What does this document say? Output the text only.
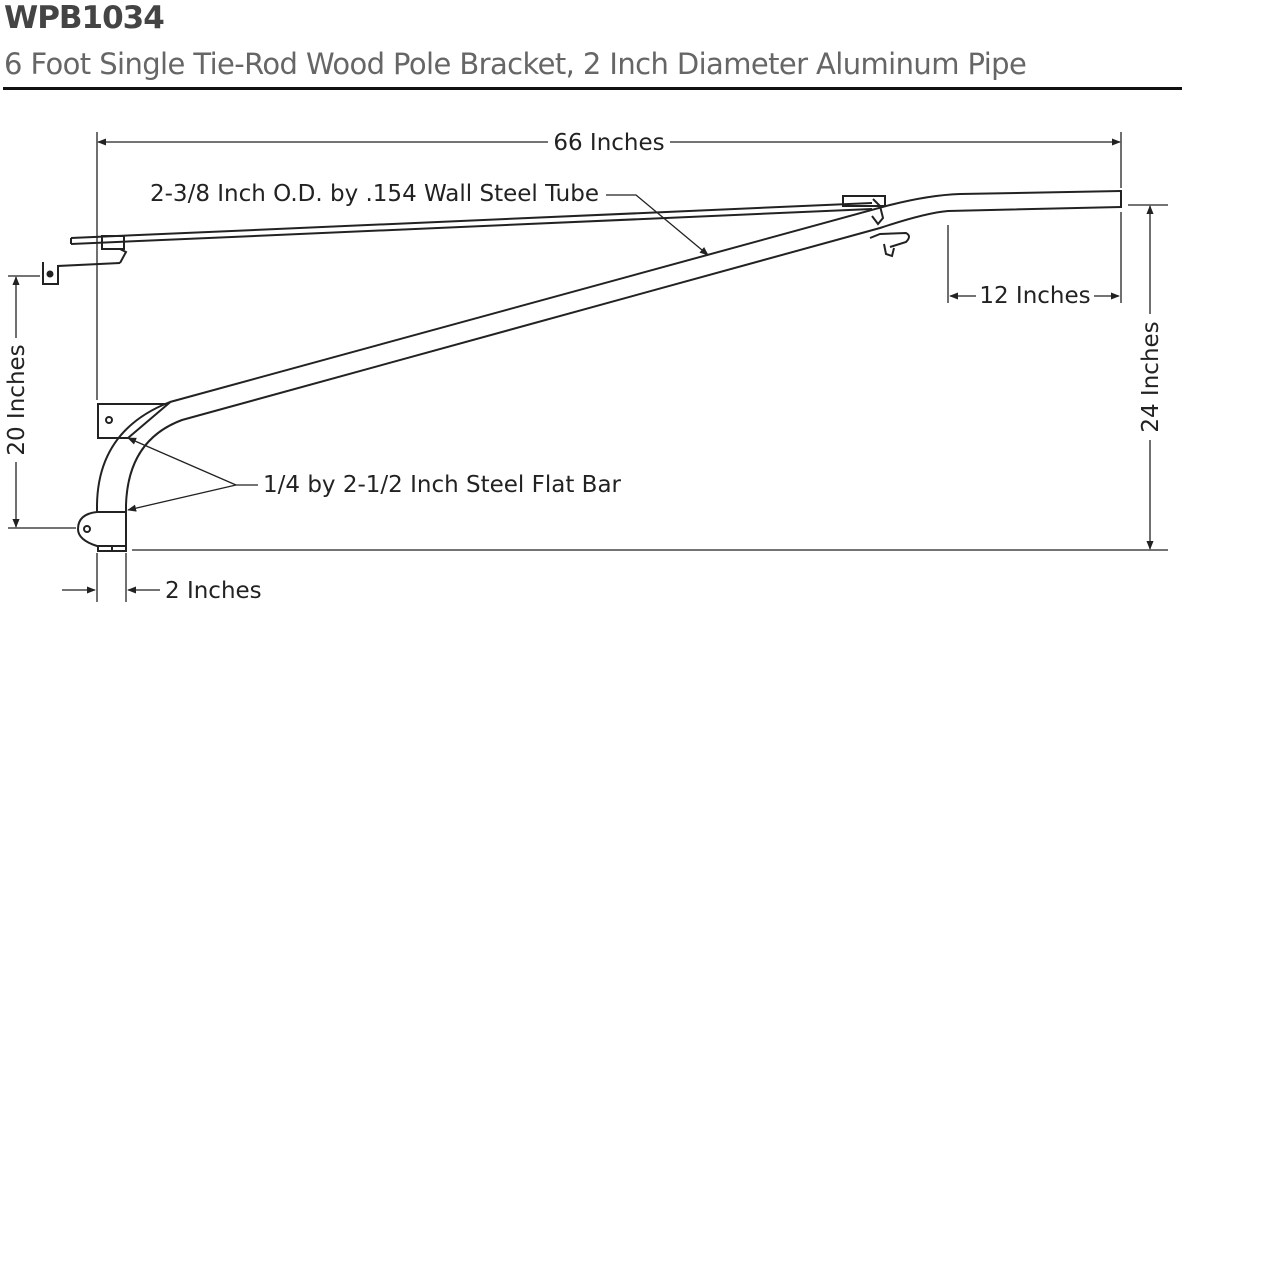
WPB1034
6 Foot Single Tie-Rod Wood Pole Bracket, 2 Inch Diameter Aluminum Pipe
66 Inches
12 Inches
24 Inches
20 Inches
2 Inches
2-3/8 Inch O.D. by .154 Wall Steel Tube
1/4 by 2-1/2 Inch Steel Flat Bar
